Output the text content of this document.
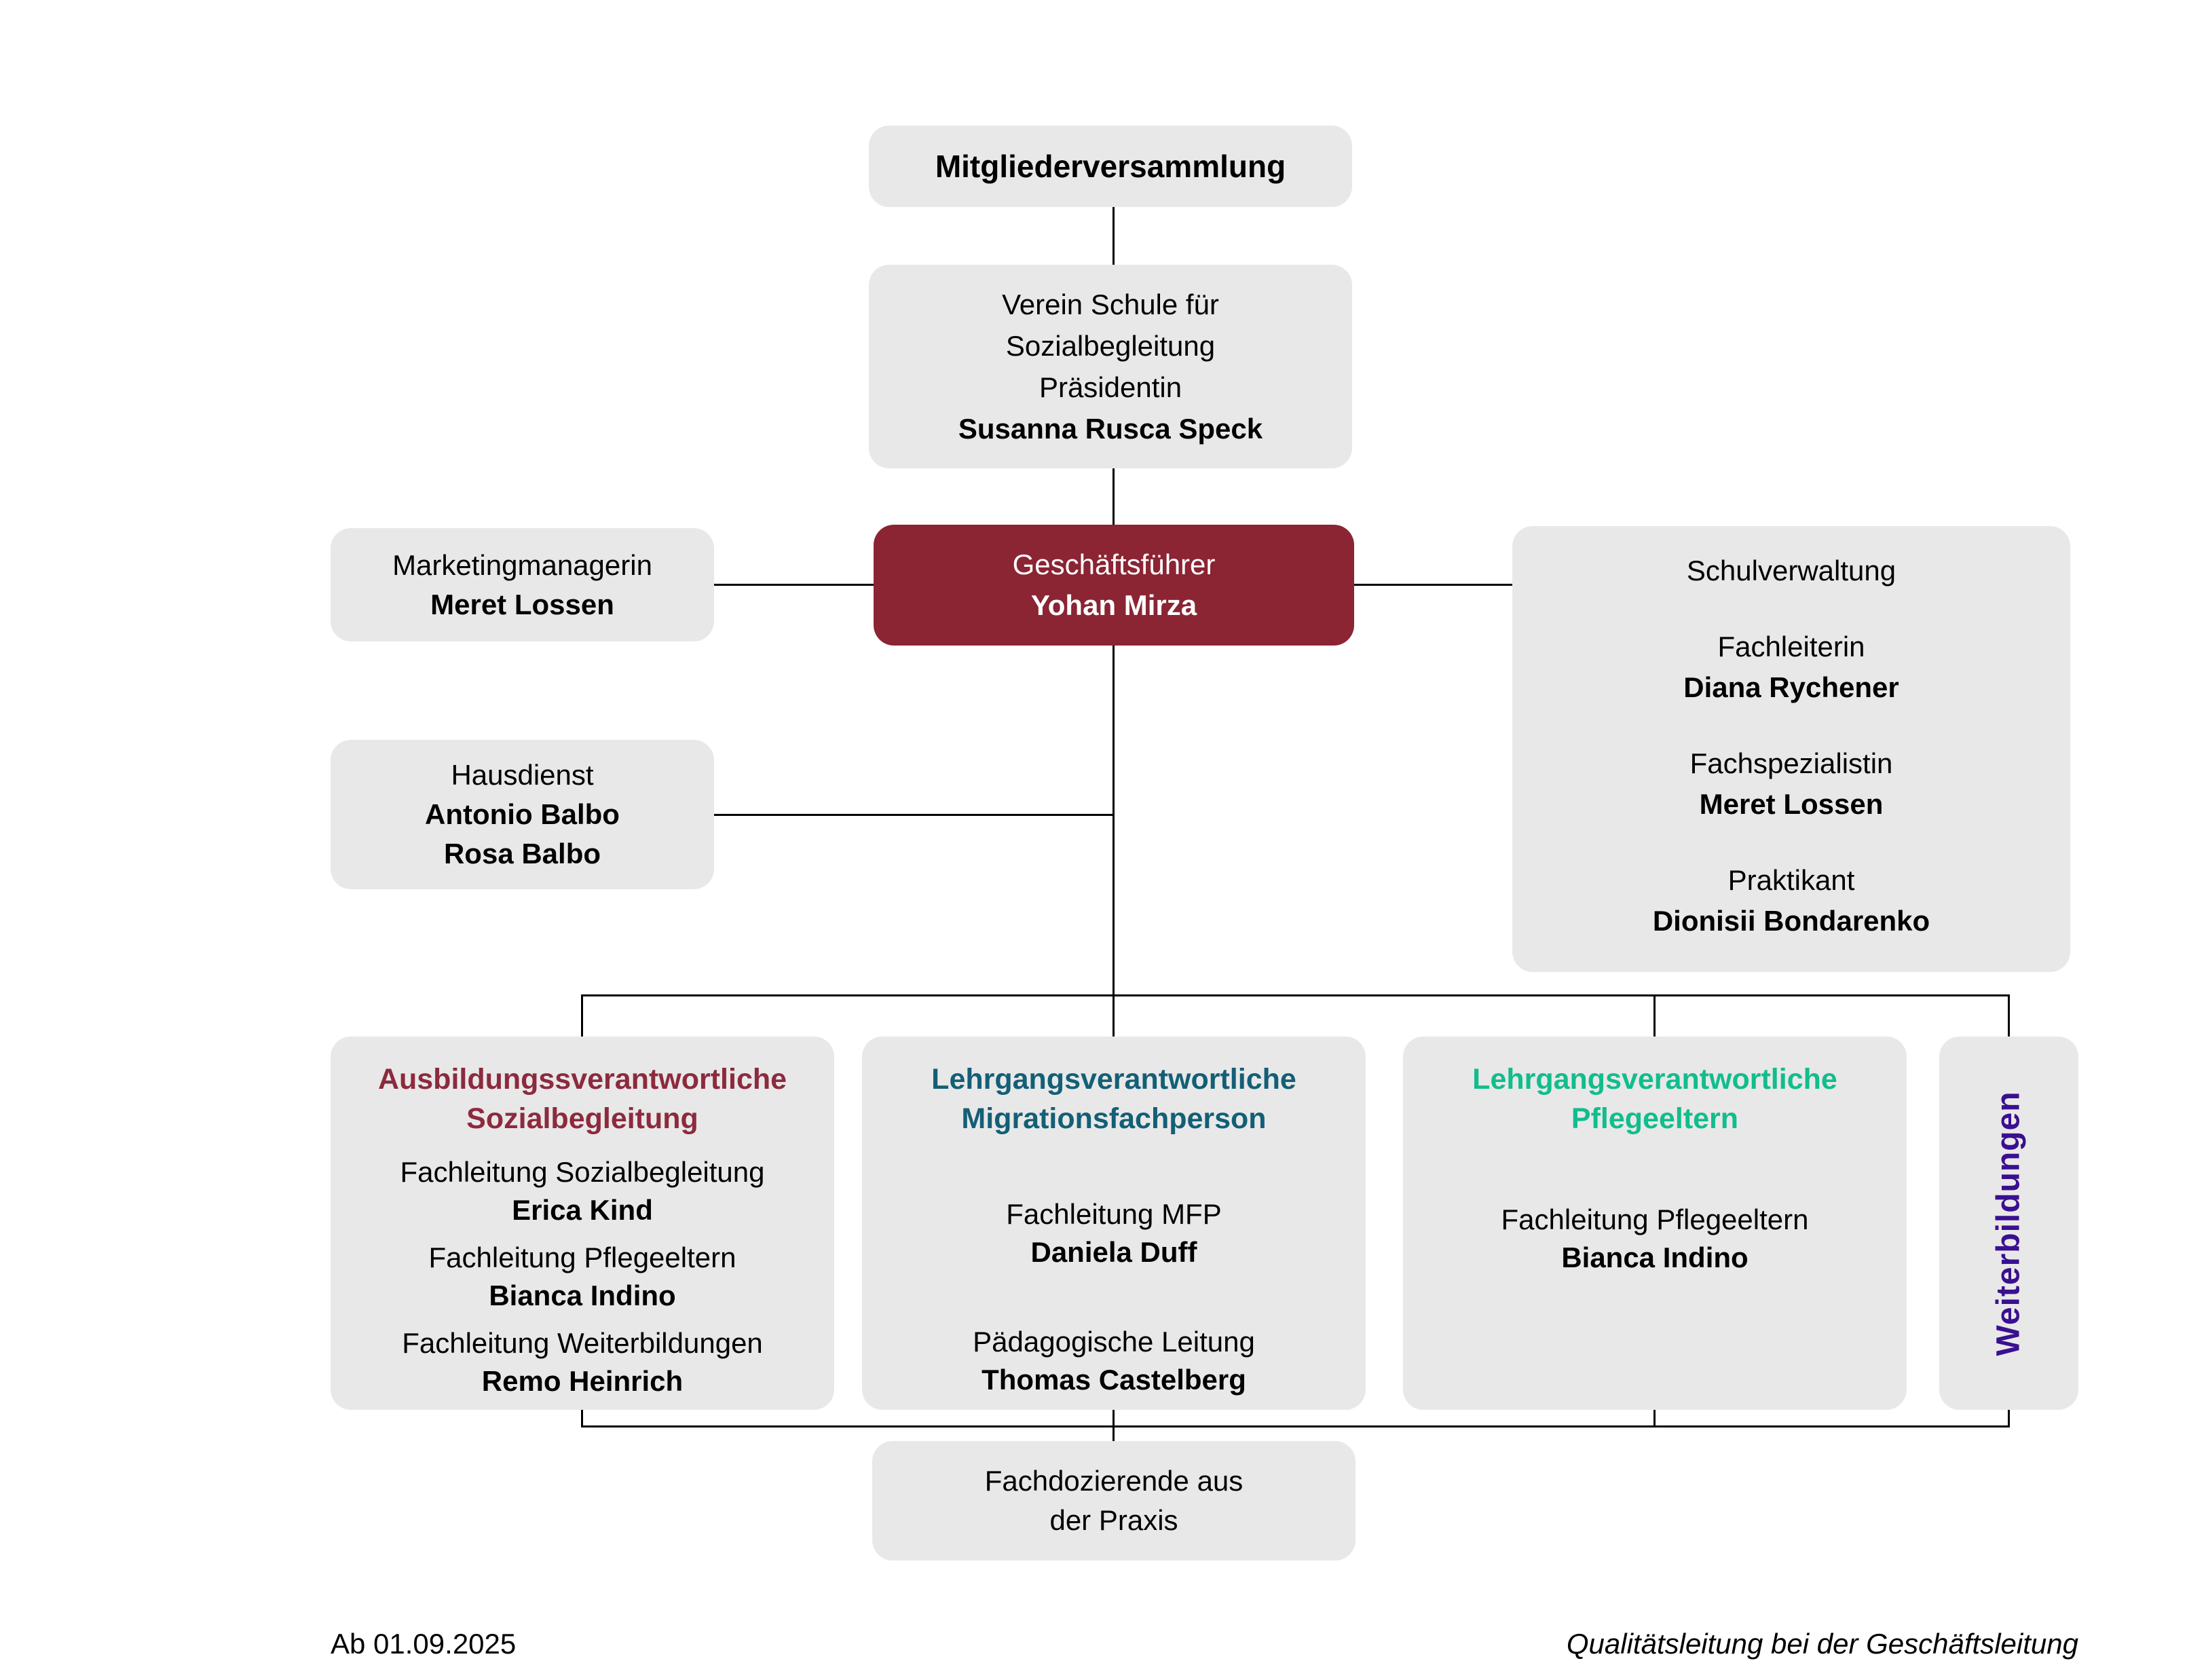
Mitgliederversammlung
Verein Schule für
Sozialbegleitung
Präsidentin
Susanna Rusca Speck
Geschäftsführer
Yohan Mirza
Marketingmanagerin
Meret Lossen
Hausdienst
Antonio Balbo
Rosa Balbo
Schulverwaltung
Fachleiterin
Diana Rychener
Fachspezialistin
Meret Lossen
Praktikant
Dionisii Bondarenko
Ausbildungssverantwortliche
Sozialbegleitung
Fachleitung Sozialbegleitung
Erica Kind
Fachleitung Pflegeeltern
Bianca Indino
Fachleitung Weiterbildungen
Remo Heinrich
Lehrgangsverantwortliche
Migrationsfachperson
Fachleitung MFP
Daniela Duff
Pädagogische Leitung
Thomas Castelberg
Lehrgangsverantwortliche
Pflegeeltern
Fachleitung Pflegeeltern
Bianca Indino	Weiterbildungen
Fachdozierende aus
der Praxis
Ab 01.09.2025	Qualitätsleitung bei der Geschäftsleitung
